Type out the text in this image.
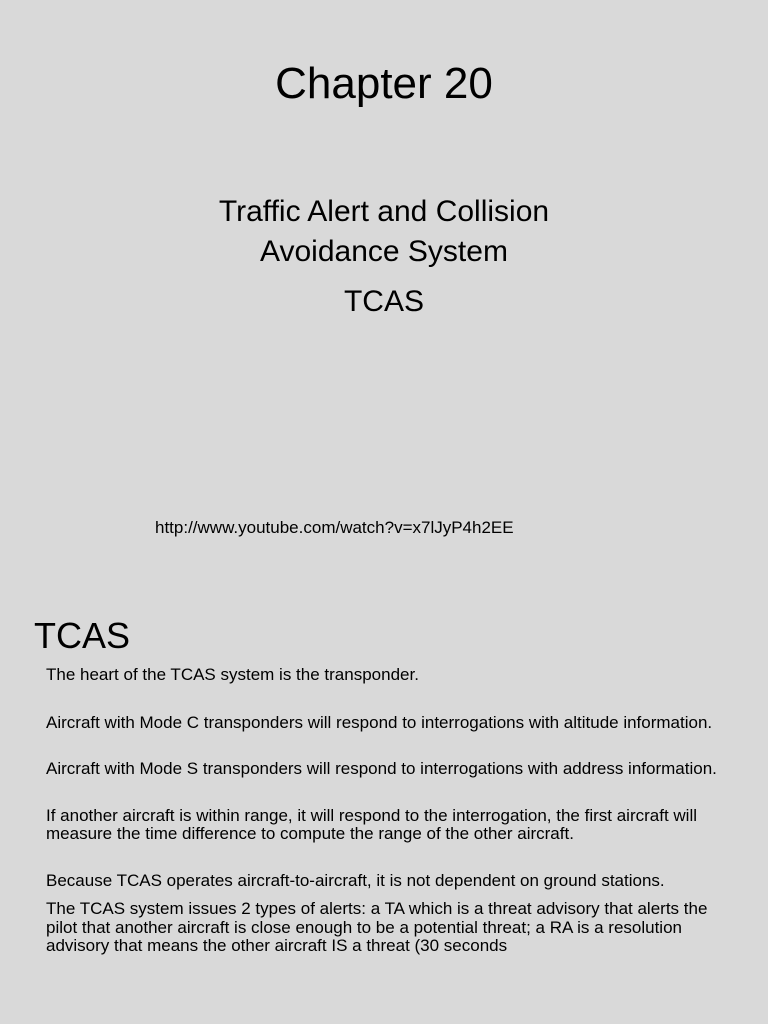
Chapter 20
Traffic Alert and Collision
Avoidance System
TCAS
http://www.youtube.com/watch?v=x7lJyP4h2EE
TCAS
The heart of the TCAS system is the transponder.
Aircraft with Mode C transponders will respond to interrogations with altitude information.
Aircraft with Mode S transponders will respond to interrogations with address information.
If another aircraft is within range, it will respond to the interrogation, the first aircraft will measure the time difference to compute the range of the other aircraft.
Because TCAS operates aircraft-to-aircraft, it is not dependent on ground stations.
The TCAS system issues 2 types of alerts: a TA which is a threat advisory that alerts the pilot that another aircraft is close enough to be a potential threat; a RA is a resolution advisory that means the other aircraft IS a threat (30 seconds
